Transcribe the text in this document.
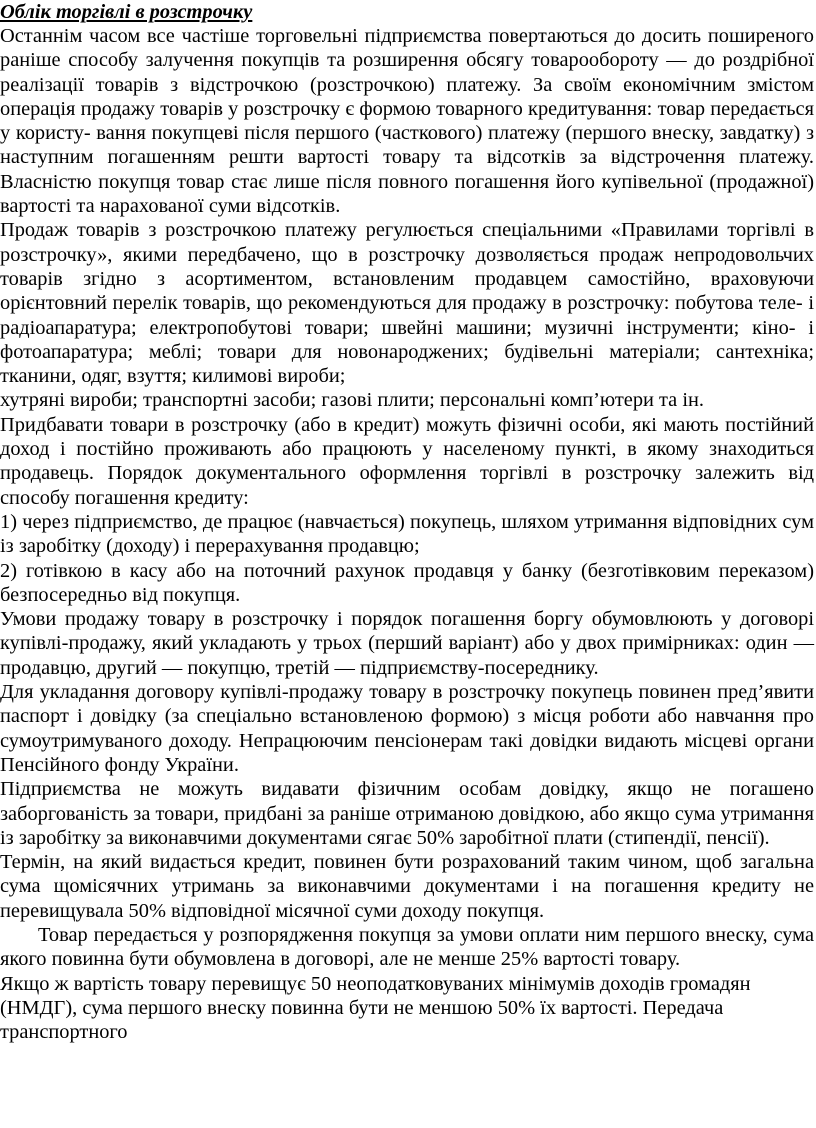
Облік торгівлі в розстрочку

Останнім часом все частіше торговельні підприємства повертаються до досить поширеного раніше способу залучення покупців та розширення обсягу товарообороту — до роздрібної реалізації товарів з відстрочкою (розстрочкою) платежу. За своїм економічним змістом операція продажу товарів у розстрочку є формою товарного кредитування: товар передається у користу- вання покупцеві після першого (часткового) платежу (першого внеску, завдатку) з наступним погашенням решти вартості товару та відсотків за відстрочення платежу. Власністю покупця товар стає лише після повного погашення його купівельної (продажної) вартості та нарахованої суми відсотків.

Продаж товарів з розстрочкою платежу регулюється спеціальними «Правилами торгівлі в розстрочку», якими передбачено, що в розстрочку дозволяється продаж непродовольчих товарів згідно з асортиментом, встановленим продавцем самостійно, враховуючи орієнтовний перелік товарів, що рекомендуються для продажу в розстрочку: побутова теле- і радіоапаратура; електропобутові товари; швейні машини; музичні інструменти; кіно- і фотоапаратура; меблі; товари для новонароджених; будівельні матеріали; сантехніка; тканини, одяг, взуття; килимові вироби;

хутряні вироби; транспортні засоби; газові плити; персональні комп’ютери та ін.

Придбавати товари в розстрочку (або в кредит) можуть фізичні особи, які мають постійний доход і постійно проживають або працюють у населеному пункті, в якому знаходиться продавець. Порядок документального оформлення торгівлі в розстрочку залежить від способу погашення кредиту:

1) через підприємство, де працює (навчається) покупець, шляхом утримання відповідних сум із заробітку (доходу) і перерахування продавцю;

2) готівкою в касу або на поточний рахунок продавця у банку (безготівковим переказом) безпосередньо від покупця.

Умови продажу товару в розстрочку і порядок погашення боргу обумовлюють у договорі купівлі-продажу, який укладають у трьох (перший варіант) або у двох примірниках: один — продавцю, другий — покупцю, третій — підприємству-посереднику.

Для укладання договору купівлі-продажу товару в розстрочку покупець повинен пред’явити паспорт і довідку (за спеціально встановленою формою) з місця роботи або навчання про сумоутримуваного доходу. Непрацюючим пенсіонерам такі довідки видають місцеві органи Пенсійного фонду України.

Підприємства не можуть видавати фізичним особам довідку, якщо не погашено заборгованість за товари, придбані за раніше отриманою довідкою, або якщо сума утримання із заробітку за виконавчими документами сягає 50% заробітної плати (стипендії, пенсії).

Термін, на який видається кредит, повинен бути розрахований таким чином, щоб загальна сума щомісячних утримань за виконавчими документами і на погашення кредиту не перевищувала 50% відповідної місячної суми доходу покупця.

Товар передається у розпорядження покупця за умови оплати ним першого внеску, сума якого повинна бути обумовлена в договорі, але не менше 25% вартості товару.

Якщо ж вартість товару перевищує 50 неоподатковуваних мінімумів доходів громадян (НМДГ), сума першого внеску повинна бути не меншою 50% їх вартості. Передача транспортного
